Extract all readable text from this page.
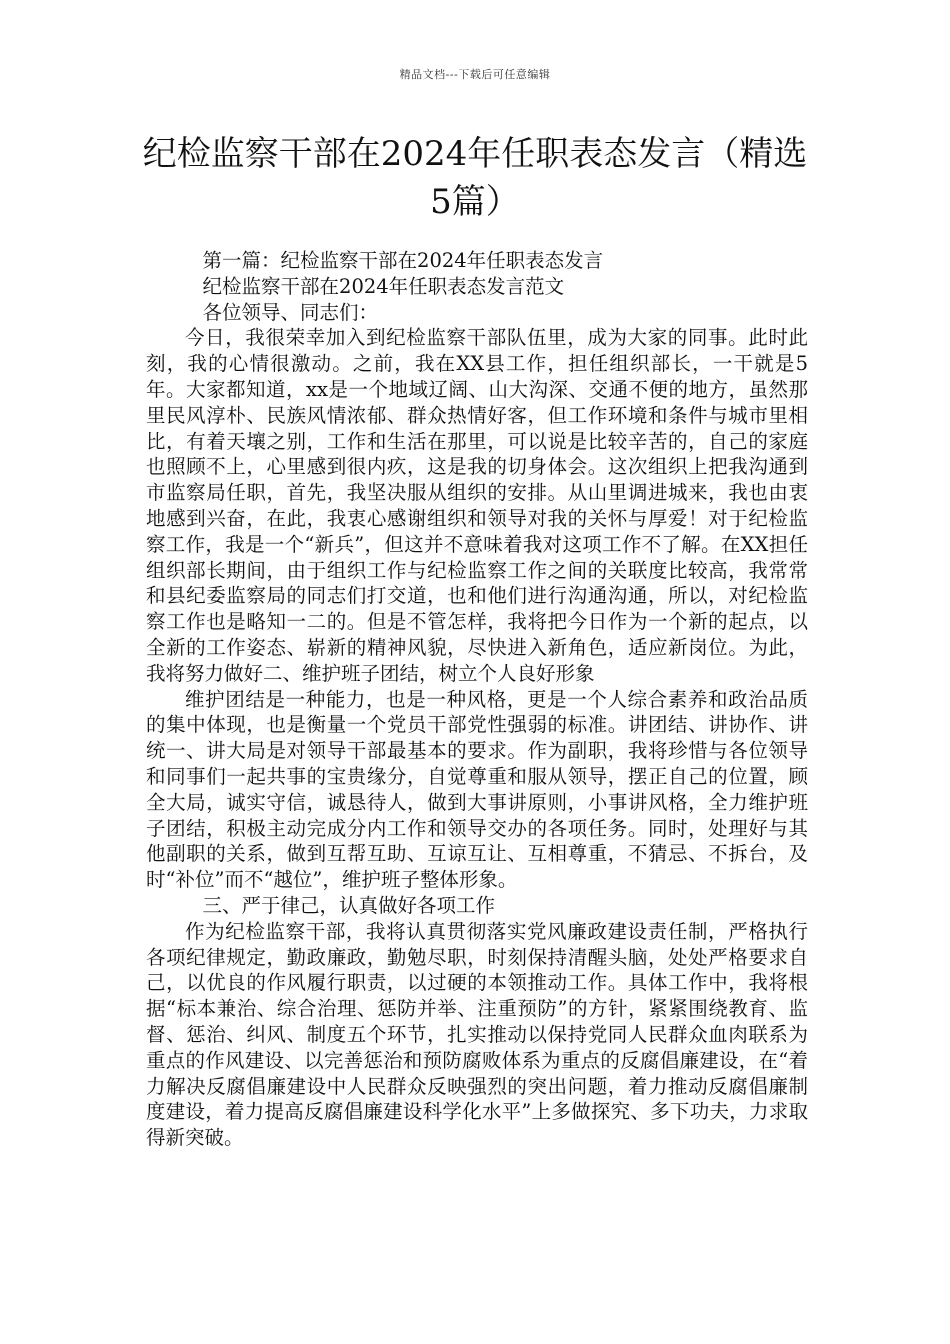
精品文档---下载后可任意编辑
纪检监察干部在2024年任职表态发言（精选5篇）

第一篇：纪检监察干部在2024年任职表态发言

纪检监察干部在2024年任职表态发言范文

各位领导、同志们：

今日，我很荣幸加入到纪检监察干部队伍里，成为大家的同事。此时此刻，我的心情很激动。之前，我在XX县工作，担任组织部长，一干就是5年。大家都知道，xx是一个地域辽阔、山大沟深、交通不便的地方，虽然那里民风淳朴、民族风情浓郁、群众热情好客，但工作环境和条件与城市里相比，有着天壤之别，工作和生活在那里，可以说是比较辛苦的，自己的家庭也照顾不上，心里感到很内疚，这是我的切身体会。这次组织上把我沟通到市监察局任职，首先，我坚决服从组织的安排。从山里调进城来，我也由衷地感到兴奋，在此，我衷心感谢组织和领导对我的关怀与厚爱！对于纪检监察工作，我是一个“新兵”，但这并不意味着我对这项工作不了解。在XX担任组织部长期间，由于组织工作与纪检监察工作之间的关联度比较高，我常常和县纪委监察局的同志们打交道，也和他们进行沟通沟通，所以，对纪检监察工作也是略知一二的。但是不管怎样，我将把今日作为一个新的起点，以全新的工作姿态、崭新的精神风貌，尽快进入新角色，适应新岗位。为此，我将努力做好二、维护班子团结，树立个人良好形象

维护团结是一种能力，也是一种风格，更是一个人综合素养和政治品质的集中体现，也是衡量一个党员干部党性强弱的标准。讲团结、讲协作、讲统一、讲大局是对领导干部最基本的要求。作为副职，我将珍惜与各位领导和同事们一起共事的宝贵缘分，自觉尊重和服从领导，摆正自己的位置，顾全大局，诚实守信，诚恳待人，做到大事讲原则，小事讲风格，全力维护班子团结，积极主动完成分内工作和领导交办的各项任务。同时，处理好与其他副职的关系，做到互帮互助、互谅互让、互相尊重，不猜忌、不拆台，及时“补位”而不“越位”，维护班子整体形象。

三、严于律己，认真做好各项工作

作为纪检监察干部，我将认真贯彻落实党风廉政建设责任制，严格执行各项纪律规定，勤政廉政，勤勉尽职，时刻保持清醒头脑，处处严格要求自己，以优良的作风履行职责，以过硬的本领推动工作。具体工作中，我将根据“标本兼治、综合治理、惩防并举、注重预防”的方针，紧紧围绕教育、监督、惩治、纠风、制度五个环节，扎实推动以保持党同人民群众血肉联系为重点的作风建设、以完善惩治和预防腐败体系为重点的反腐倡廉建设，在“着力解决反腐倡廉建设中人民群众反映强烈的突出问题，着力推动反腐倡廉制度建设，着力提高反腐倡廉建设科学化水平”上多做探究、多下功夫，力求取得新突破。
